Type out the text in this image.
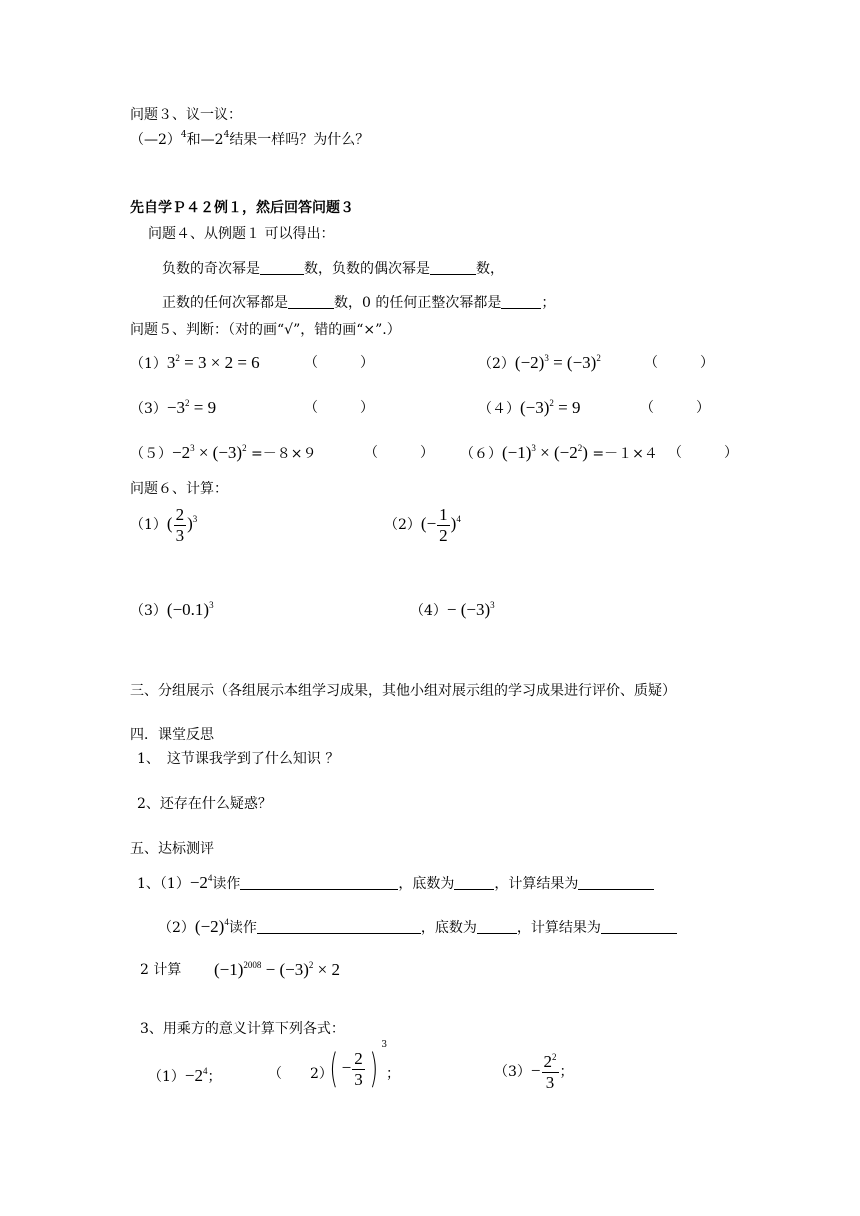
问题３、议一议：
（—2）$^4$和$—2^4$结果一样吗？为什么？
先自学Ｐ４２例１，然后回答问题３
问题４、从例题１ 可以得出：
负数的奇次幂是	数，负数的偶次幂是	数，
正数的任何次幂都是	数，0 的任何正整次幂都是	；
问题５、判断：（对的画“√”，错的画“×”.）
$(1)3^2 = 3 \times 2 = 6$	（　　　）	$(2)(-2)^3 = (-3)^2$	（　　　）
$(3)-3^2 = 9$	（　　　）	$(4)(-3)^2 = 9$	（　　　）
$(5)-2^3 \times (-3)^2 =-8\times 9$	（　　　） $(6)(-1)^3 \times (-2^2) =-1\times 4$ （　　　）
问题６、计算：
$(1)( \frac{2}{3} )^3$	$(2)(- \frac{1}{2} )^4$
$(3)(-0.1)^3$	$(4)- (-3)^3$
三、分组展示（各组展示本组学习成果，其他小组对展示组的学习成果进行评价、质疑）
四．课堂反思
1、　这节课我学到了什么知识 ？
2、还存在什么疑惑？
五、达标测评
1、$(1)-2^4$读作	，底数为	，计算结果为
$(2)(-2)^4$读作	，底数为	，计算结果为
2 计算 $(-1)^{2008} - (-3)^2 \times 2$
3、用乘方的意义计算下列各式：
$(1)-2^4$；	（ 2）
( − $\frac{2}{3} )^3$
；	$(3)- \frac{2^2}{3}$ ；
